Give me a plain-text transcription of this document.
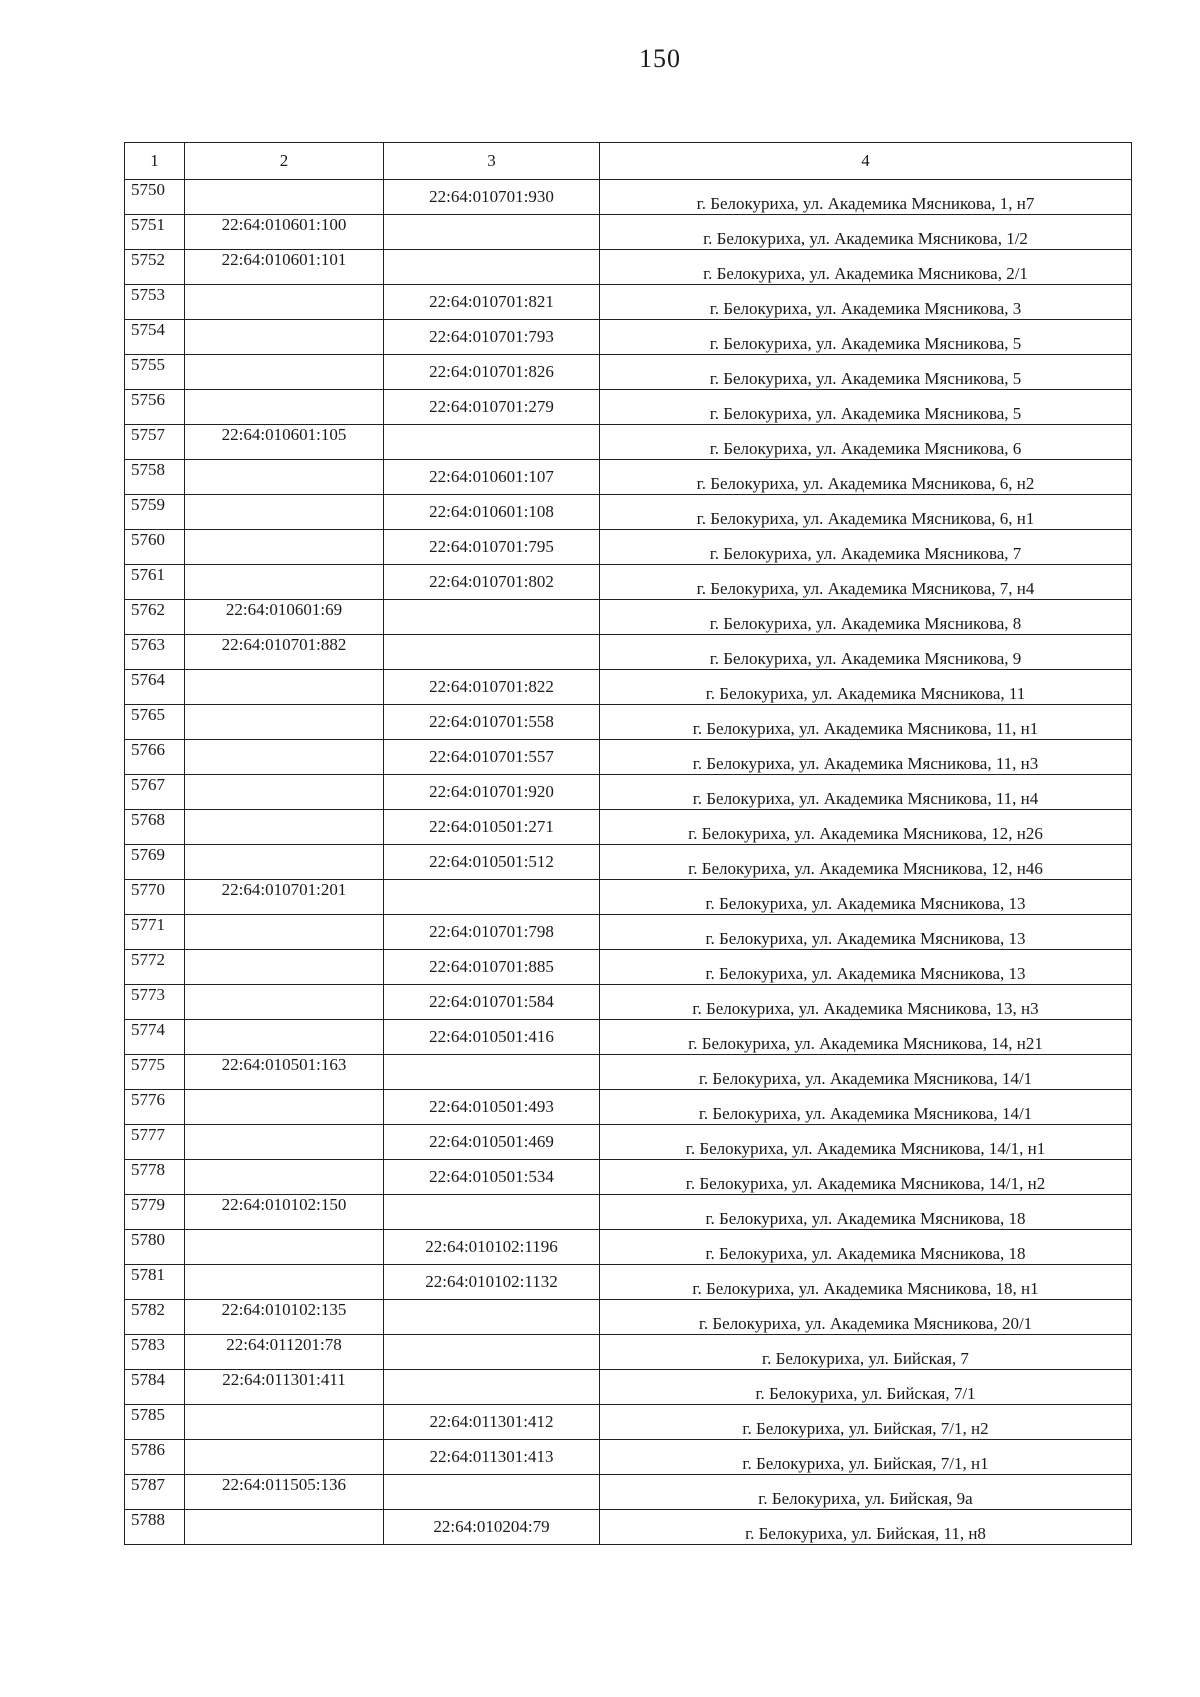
150
1	2	3	4
5750		22:64:010701:930	г. Белокуриха, ул. Академика Мясникова, 1, н7
5751	22:64:010601:100		г. Белокуриха, ул. Академика Мясникова, 1/2
5752	22:64:010601:101		г. Белокуриха, ул. Академика Мясникова, 2/1
5753		22:64:010701:821	г. Белокуриха, ул. Академика Мясникова, 3
5754		22:64:010701:793	г. Белокуриха, ул. Академика Мясникова, 5
5755		22:64:010701:826	г. Белокуриха, ул. Академика Мясникова, 5
5756		22:64:010701:279	г. Белокуриха, ул. Академика Мясникова, 5
5757	22:64:010601:105		г. Белокуриха, ул. Академика Мясникова, 6
5758		22:64:010601:107	г. Белокуриха, ул. Академика Мясникова, 6, н2
5759		22:64:010601:108	г. Белокуриха, ул. Академика Мясникова, 6, н1
5760		22:64:010701:795	г. Белокуриха, ул. Академика Мясникова, 7
5761		22:64:010701:802	г. Белокуриха, ул. Академика Мясникова, 7, н4
5762	22:64:010601:69		г. Белокуриха, ул. Академика Мясникова, 8
5763	22:64:010701:882		г. Белокуриха, ул. Академика Мясникова, 9
5764		22:64:010701:822	г. Белокуриха, ул. Академика Мясникова, 11
5765		22:64:010701:558	г. Белокуриха, ул. Академика Мясникова, 11, н1
5766		22:64:010701:557	г. Белокуриха, ул. Академика Мясникова, 11, н3
5767		22:64:010701:920	г. Белокуриха, ул. Академика Мясникова, 11, н4
5768		22:64:010501:271	г. Белокуриха, ул. Академика Мясникова, 12, н26
5769		22:64:010501:512	г. Белокуриха, ул. Академика Мясникова, 12, н46
5770	22:64:010701:201		г. Белокуриха, ул. Академика Мясникова, 13
5771		22:64:010701:798	г. Белокуриха, ул. Академика Мясникова, 13
5772		22:64:010701:885	г. Белокуриха, ул. Академика Мясникова, 13
5773		22:64:010701:584	г. Белокуриха, ул. Академика Мясникова, 13, н3
5774		22:64:010501:416	г. Белокуриха, ул. Академика Мясникова, 14, н21
5775	22:64:010501:163		г. Белокуриха, ул. Академика Мясникова, 14/1
5776		22:64:010501:493	г. Белокуриха, ул. Академика Мясникова, 14/1
5777		22:64:010501:469	г. Белокуриха, ул. Академика Мясникова, 14/1, н1
5778		22:64:010501:534	г. Белокуриха, ул. Академика Мясникова, 14/1, н2
5779	22:64:010102:150		г. Белокуриха, ул. Академика Мясникова, 18
5780		22:64:010102:1196	г. Белокуриха, ул. Академика Мясникова, 18
5781		22:64:010102:1132	г. Белокуриха, ул. Академика Мясникова, 18, н1
5782	22:64:010102:135		г. Белокуриха, ул. Академика Мясникова, 20/1
5783	22:64:011201:78		г. Белокуриха, ул. Бийская, 7
5784	22:64:011301:411		г. Белокуриха, ул. Бийская, 7/1
5785		22:64:011301:412	г. Белокуриха, ул. Бийская, 7/1, н2
5786		22:64:011301:413	г. Белокуриха, ул. Бийская, 7/1, н1
5787	22:64:011505:136		г. Белокуриха, ул. Бийская, 9а
5788		22:64:010204:79	г. Белокуриха, ул. Бийская, 11, н8
